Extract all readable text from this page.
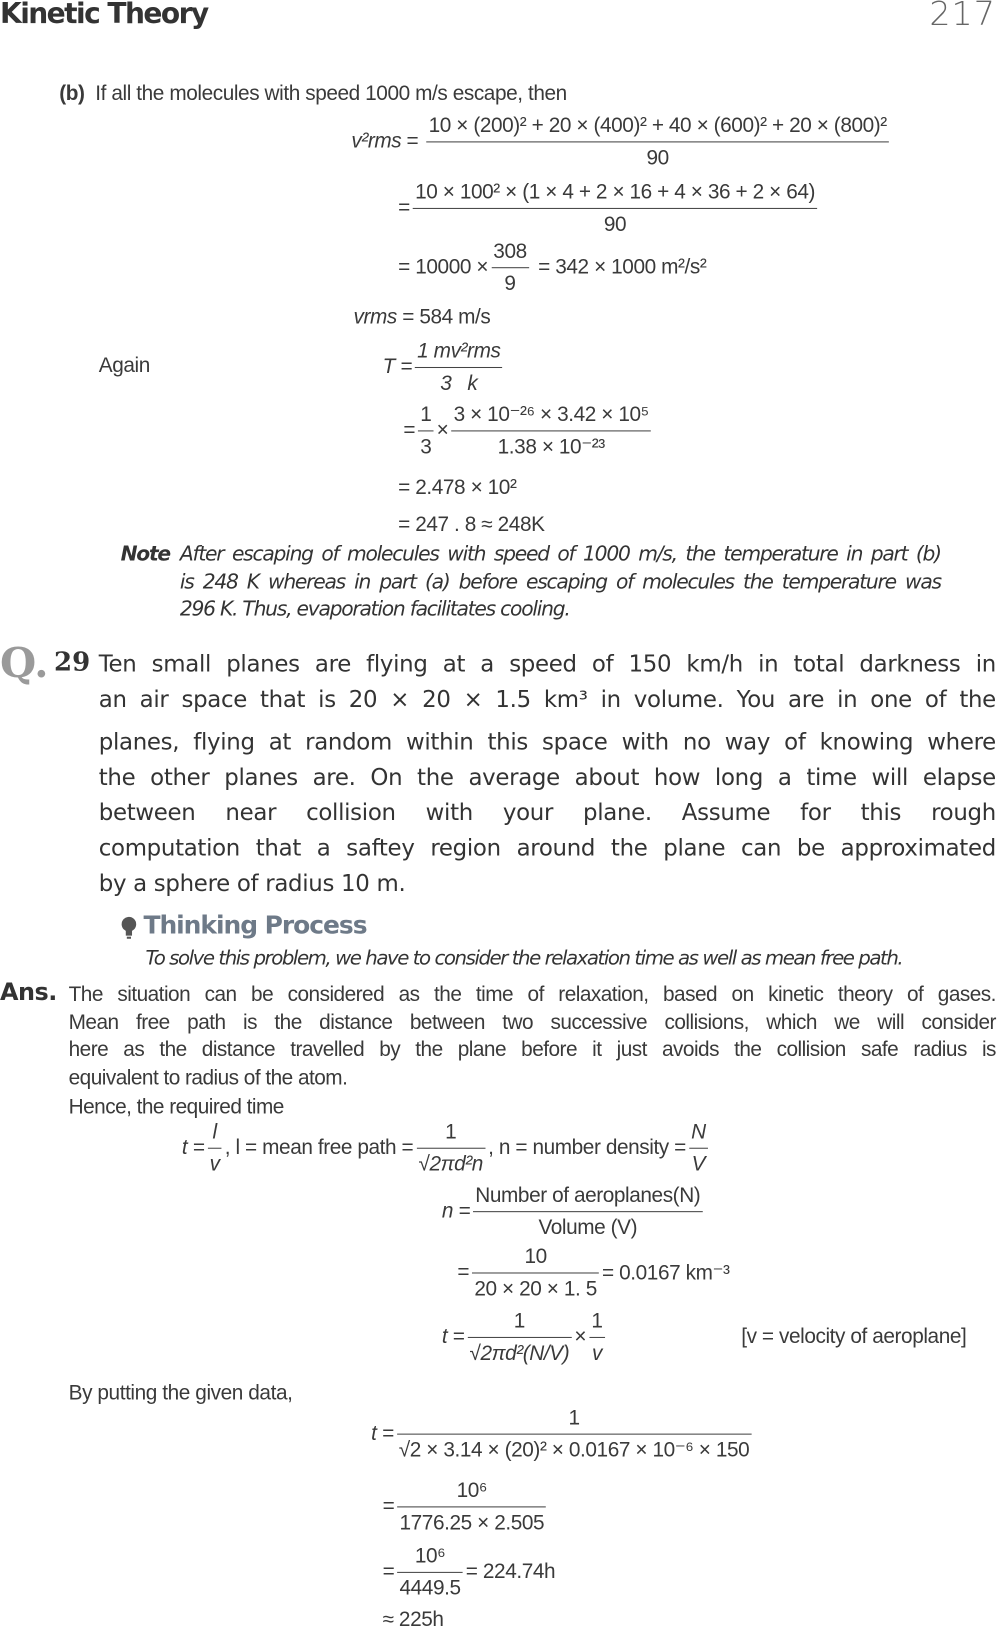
Kinetic Theory	217
(b) If all the molecules with speed 1000 m/s escape, then
$v^2rms = \frac{\text{10 × (200)² + 20 × (400)² + 40 × (600)² + 20 × (800)²}}{90}$
= $\frac{\text{10 × 100² × (1 × 4 + 2 × 16 + 4 × 36 + 2 × 64)}}{90}$
= $10000 \times \frac{308}{9} = 342 \times 1000$ m²/s²
vrms
= 584 m/s
Again	$T = \frac{\text{1 mv²rms}}{3 k}$
= $\frac{1}{3} \times \frac{\text{3 × 10⁻²⁶ × 3.42 × 10⁵}}{\text{1.38 × 10⁻²³}}$
= 2.478 × 10²
= 247 . 8 ≈ 248K
Note After escaping of molecules with speed of 1000 m/s, the temperature in part (b)
is 248 K whereas in part (a) before escaping of molecules the temperature was
296 K. Thus, evaporation facilitates cooling.
Q. 29 Ten small planes are flying at a speed of 150 km/h in total darkness in
an air space that is 20 × 20 × 1.5 km³ in volume. You are in one of the
planes, flying at random within this space with no way of knowing where
the other planes are. On the average about how long a time will elapse
between near collision with your plane. Assume for this rough
computation that a saftey region around the plane can be approximated
by a sphere of radius 10 m.
Thinking Process
To solve this problem, we have to consider the relaxation time as well as mean free path.
Ans. The situation can be considered as the time of relaxation, based on kinetic theory of gases.
Mean free path is the distance between two successive collisions, which we will consider
here as the distance travelled by the plane before it just avoids the collision safe radius is
equivalent to radius of the atom.
Hence, the required time
$t = \frac{l}{v}$ , l = mean free path = $\frac{1}{\text{√2πd²n}}$ , n = number density = $\frac{N}{V}$
$n = \frac{\text{Number of aeroplanes(N)}}{\text{Volume (V)}}$
= $\frac{10}{20 \times 20 \times 1. 5} = 0.0167$ km⁻³
$t = \frac{1}{\text{√2πd²(N/V)}} \times \frac{1}{v}$	[v = velocity of aeroplane]
By putting the given data,
$t = \frac{1}{\text{√2 × 3.14 × (20)² × 0.0167 × 10⁻⁶ × 150}}$
= $\frac{\text{10⁶}}{1776.25 \times 2.505}$
= $\frac{\text{10⁶}}{4449.5} = 224.74h$
≈ 225h
